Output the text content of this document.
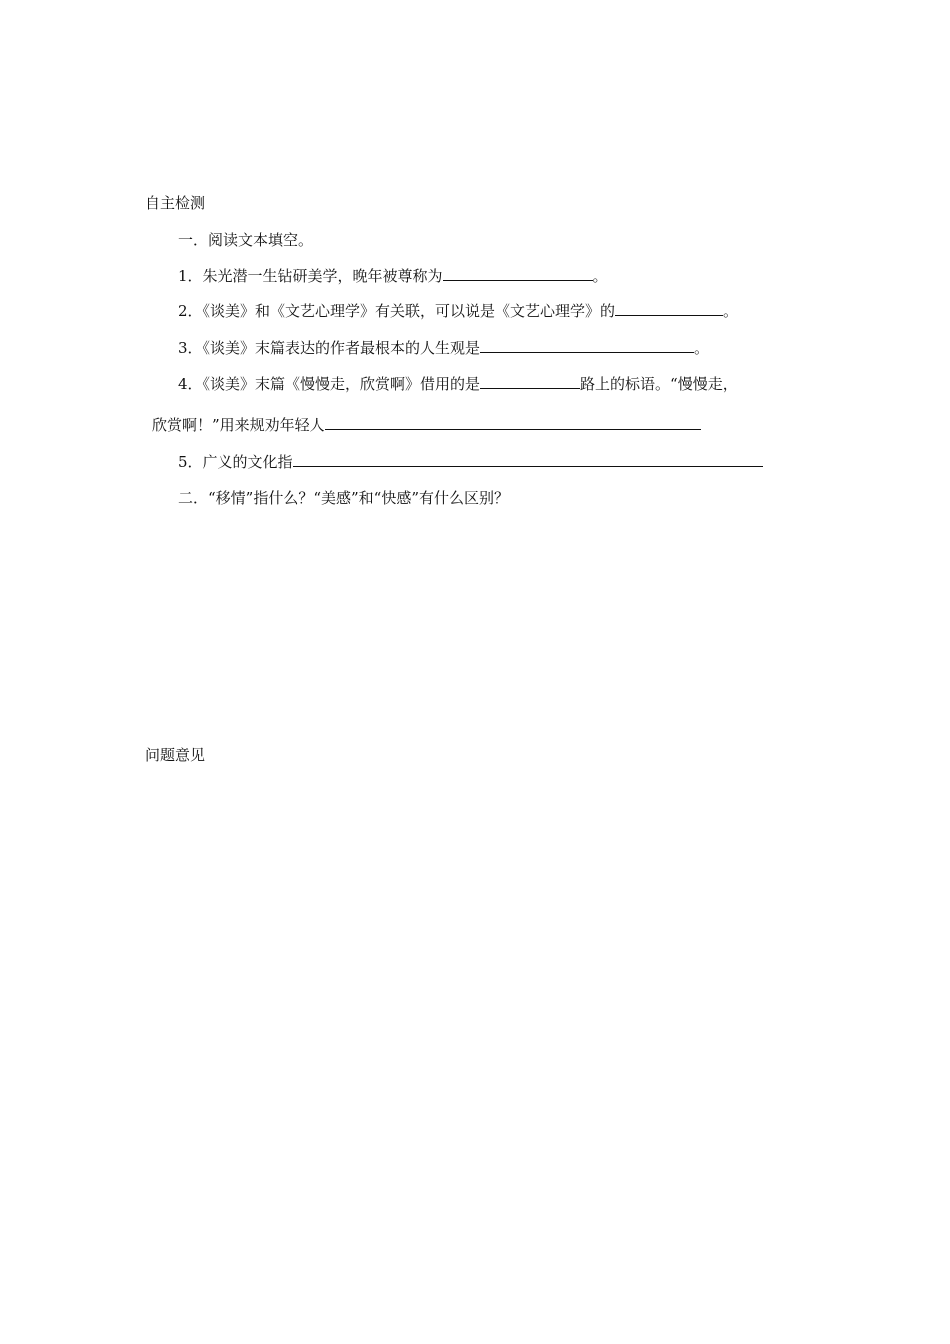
自主检测
一．阅读文本填空。
1．朱光潜一生钻研美学，晚年被尊称为	。
2．《谈美》和《文艺心理学》有关联，可以说是《文艺心理学》的	。
3．《谈美》末篇表达的作者最根本的人生观是	。
4．《谈美》末篇《慢慢走，欣赏啊》借用的是	路上的标语。“慢慢走，
欣赏啊！”用来规劝年轻人
5．广义的文化指
二．“移情”指什么？“美感”和“快感”有什么区别？
问题意见
